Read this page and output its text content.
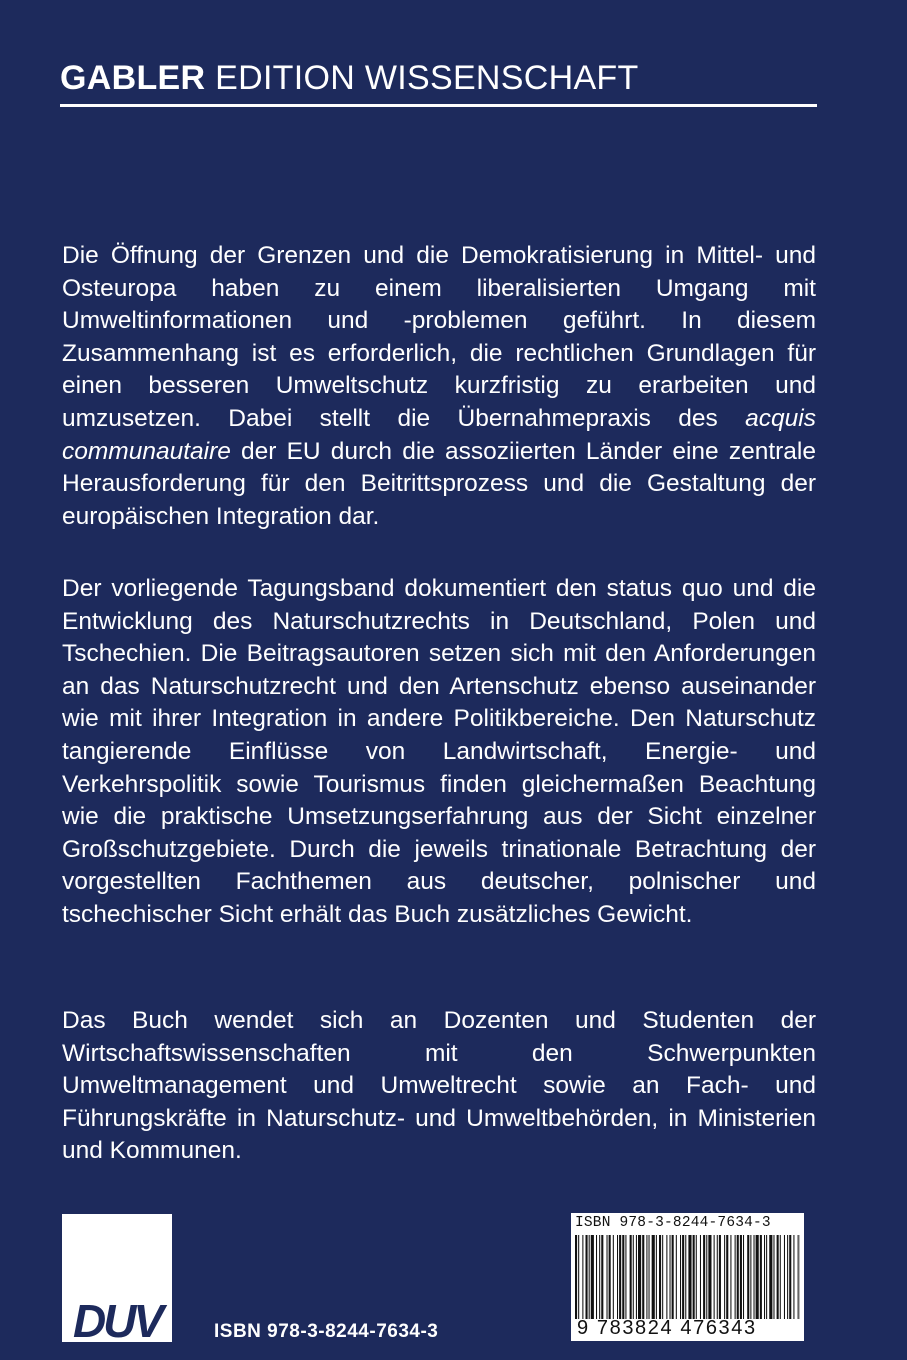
GABLER EDITION WISSENSCHAFT

Die Öffnung der Grenzen und die Demokratisierung in Mittel- und Osteuropa haben zu einem liberalisierten Umgang mit Umweltinformationen und -problemen geführt. In diesem Zusammenhang ist es erforderlich, die rechtlichen Grundlagen für einen besseren Umweltschutz kurzfristig zu erarbeiten und umzusetzen. Dabei stellt die Übernahmepraxis des acquis communautaire der EU durch die assoziierten Länder eine zentrale Herausforderung für den Beitrittsprozess und die Gestaltung der europäischen Integration dar.

Der vorliegende Tagungsband dokumentiert den status quo und die Entwicklung des Naturschutzrechts in Deutschland, Polen und Tschechien. Die Beitragsautoren setzen sich mit den Anforderungen an das Naturschutzrecht und den Artenschutz ebenso auseinander wie mit ihrer Integration in andere Politikbereiche. Den Naturschutz tangierende Einflüsse von Landwirtschaft, Energie- und Verkehrspolitik sowie Tourismus finden gleichermaßen Beachtung wie die praktische Umsetzungserfahrung aus der Sicht einzelner Großschutzgebiete. Durch die jeweils trinationale Betrachtung der vorgestellten Fachthemen aus deutscher, polnischer und tschechischer Sicht erhält das Buch zusätzliches Gewicht.

Das Buch wendet sich an Dozenten und Studenten der Wirtschaftswissenschaften mit den Schwerpunkten Umweltmanagement und Umweltrecht sowie an Fach- und Führungskräfte in Naturschutz- und Umweltbehörden, in Ministerien und Kommunen.

DUV	ISBN 978-3-8244-7634-3
ISBN 978-3-8244-7634-3
9 783824 476343
